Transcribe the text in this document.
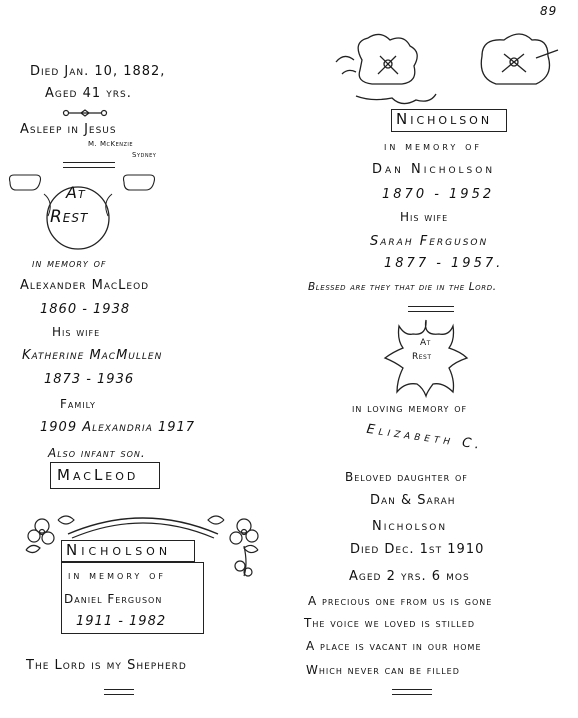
89
Died Jan. 10, 1882,
Aged 41 yrs.
Asleep in Jesus
M. McKenzie
Sydney
At
Rest
in memory of
Alexander MacLeod
1860 - 1938
His wife
Katherine MacMullen
1873 - 1936
Family
1909 Alexandria 1917
Also infant son.
MacLeod
Nicholson
in memory of
Daniel Ferguson
1911 - 1982
The Lord is my Shepherd
Nicholson
in memory of
Dan Nicholson
1870 - 1952
His wife
Sarah Ferguson
1877 - 1957.
Blessed are they that die in the Lord.
At
Rest
in loving memory of
Elizabeth C.
Beloved daughter of
Dan & Sarah
Nicholson
Died Dec. 1st 1910
Aged 2 yrs. 6 mos
A precious one from us is gone
The voice we loved is stilled
A place is vacant in our home
Which never can be filled
